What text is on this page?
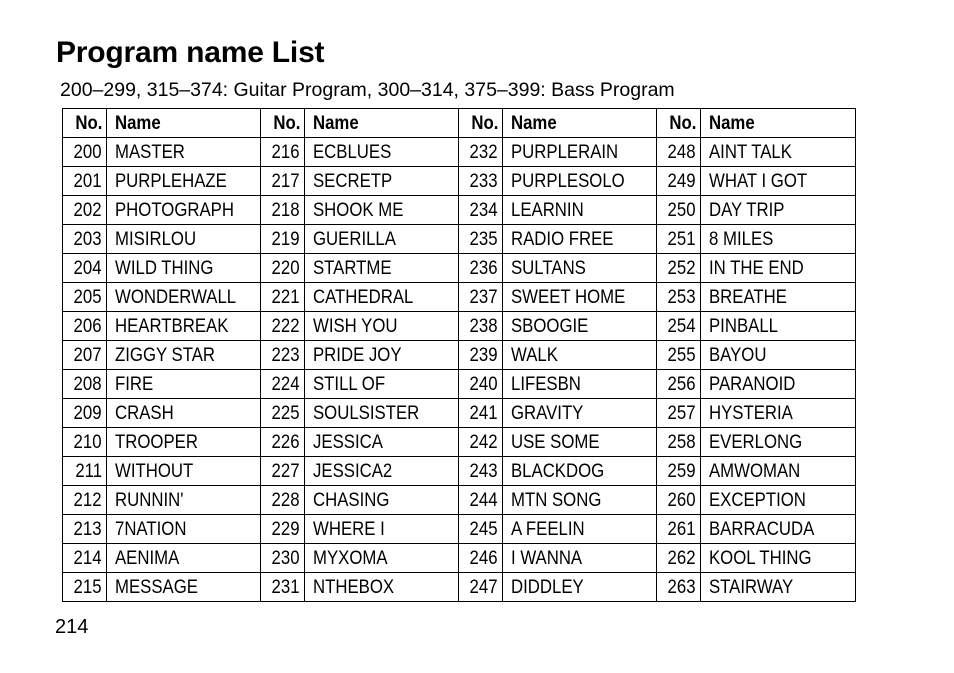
Program name List
200–299, 315–374: Guitar Program, 300–314, 375–399: Bass Program
No.	Name	No.	Name	No.	Name	No.	Name
200	MASTER	216	ECBLUES	232	PURPLERAIN	248	AINT TALK
201	PURPLEHAZE	217	SECRETP	233	PURPLESOLO	249	WHAT I GOT
202	PHOTOGRAPH	218	SHOOK ME	234	LEARNIN	250	DAY TRIP
203	MISIRLOU	219	GUERILLA	235	RADIO FREE	251	8 MILES
204	WILD THING	220	STARTME	236	SULTANS	252	IN THE END
205	WONDERWALL	221	CATHEDRAL	237	SWEET HOME	253	BREATHE
206	HEARTBREAK	222	WISH YOU	238	SBOOGIE	254	PINBALL
207	ZIGGY STAR	223	PRIDE JOY	239	WALK	255	BAYOU
208	FIRE	224	STILL OF	240	LIFESBN	256	PARANOID
209	CRASH	225	SOULSISTER	241	GRAVITY	257	HYSTERIA
210	TROOPER	226	JESSICA	242	USE SOME	258	EVERLONG
211	WITHOUT	227	JESSICA2	243	BLACKDOG	259	AMWOMAN
212	RUNNIN'	228	CHASING	244	MTN SONG	260	EXCEPTION
213	7NATION	229	WHERE I	245	A FEELIN	261	BARRACUDA
214	AENIMA	230	MYXOMA	246	I WANNA	262	KOOL THING
215	MESSAGE	231	NTHEBOX	247	DIDDLEY	263	STAIRWAY
214
